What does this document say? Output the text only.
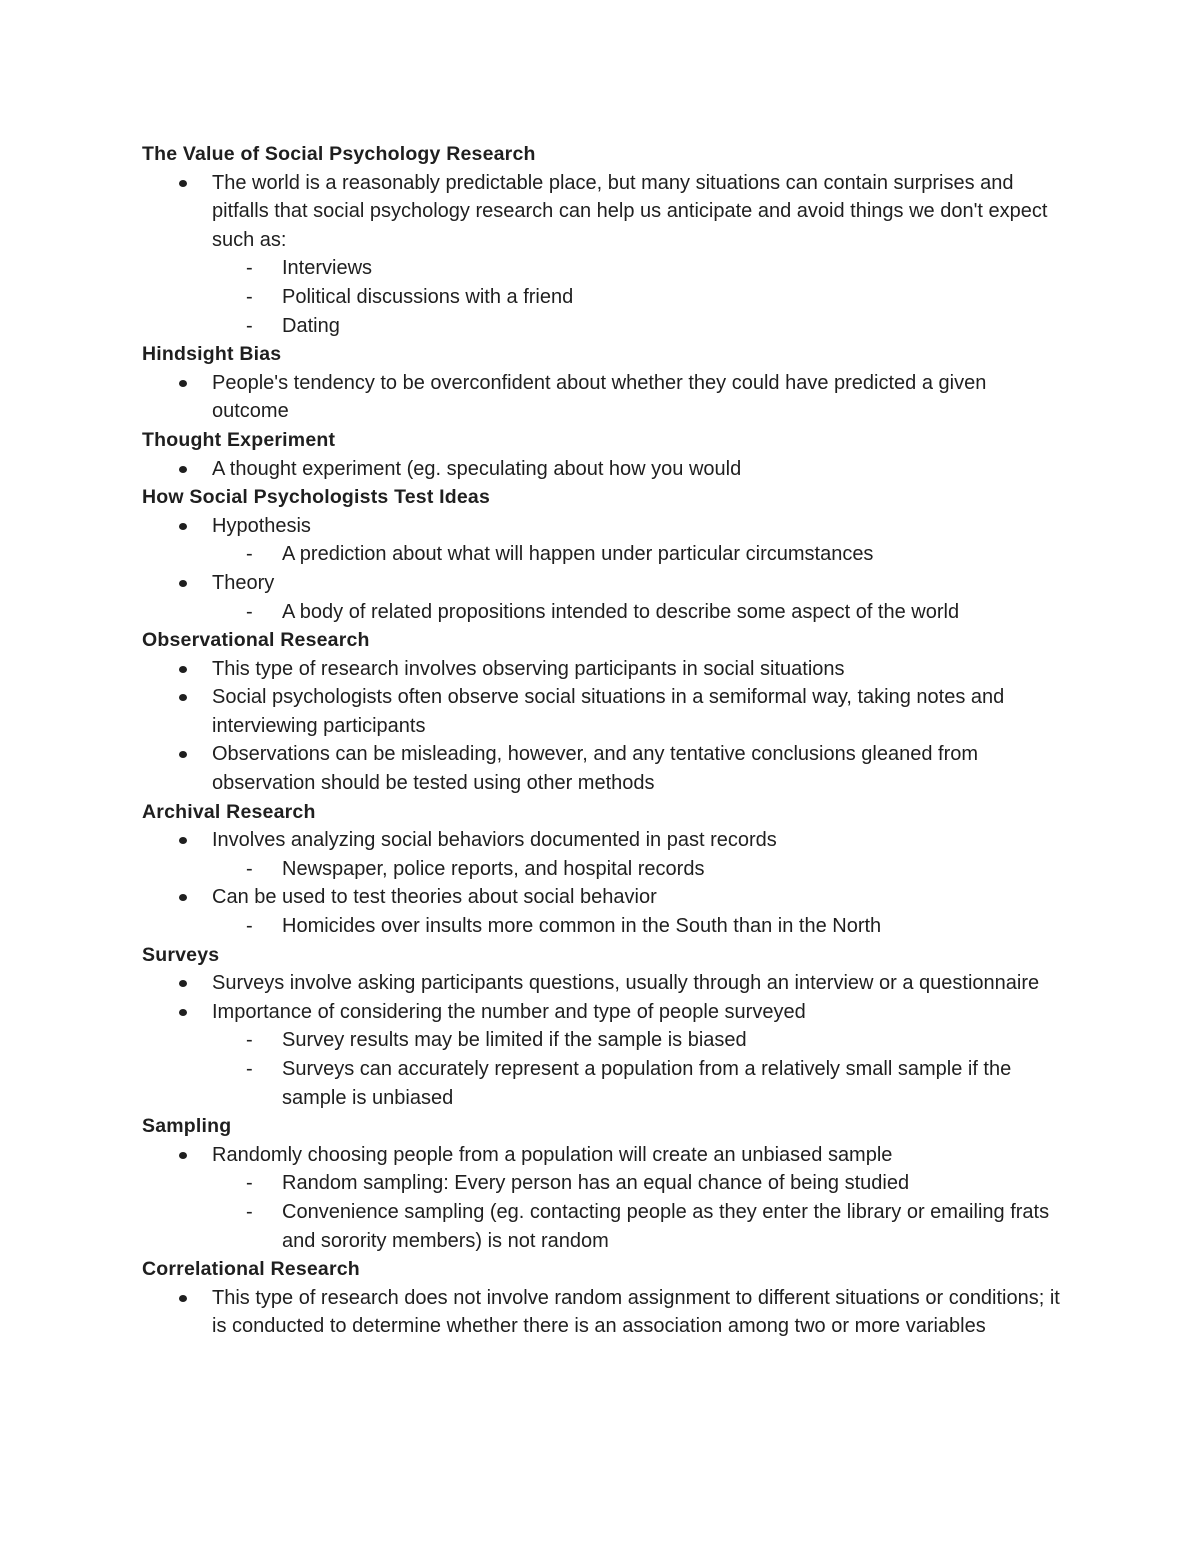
The Value of Social Psychology Research
The world is a reasonably predictable place, but many situations can contain surprises and pitfalls that social psychology research can help us anticipate and avoid things we don't expect such as:
- Interviews
- Political discussions with a friend
- Dating
Hindsight Bias
People's tendency to be overconfident about whether they could have predicted a given outcome
Thought Experiment
A thought experiment (eg. speculating about how you would
How Social Psychologists Test Ideas
Hypothesis
- A prediction about what will happen under particular circumstances
Theory
- A body of related propositions intended to describe some aspect of the world
Observational Research
This type of research involves observing participants in social situations
Social psychologists often observe social situations in a semiformal way, taking notes and interviewing participants
Observations can be misleading, however, and any tentative conclusions gleaned from observation should be tested using other methods
Archival Research
Involves analyzing social behaviors documented in past records
- Newspaper, police reports, and hospital records
Can be used to test theories about social behavior
- Homicides over insults more common in the South than in the North
Surveys
Surveys involve asking participants questions, usually through an interview or a questionnaire
Importance of considering the number and type of people surveyed
- Survey results may be limited if the sample is biased
- Surveys can accurately represent a population from a relatively small sample if the sample is unbiased
Sampling
Randomly choosing people from a population will create an unbiased sample
- Random sampling: Every person has an equal chance of being studied
- Convenience sampling (eg. contacting people as they enter the library or emailing frats and sorority members) is not random
Correlational Research
This type of research does not involve random assignment to different situations or conditions; it is conducted to determine whether there is an association among two or more variables
